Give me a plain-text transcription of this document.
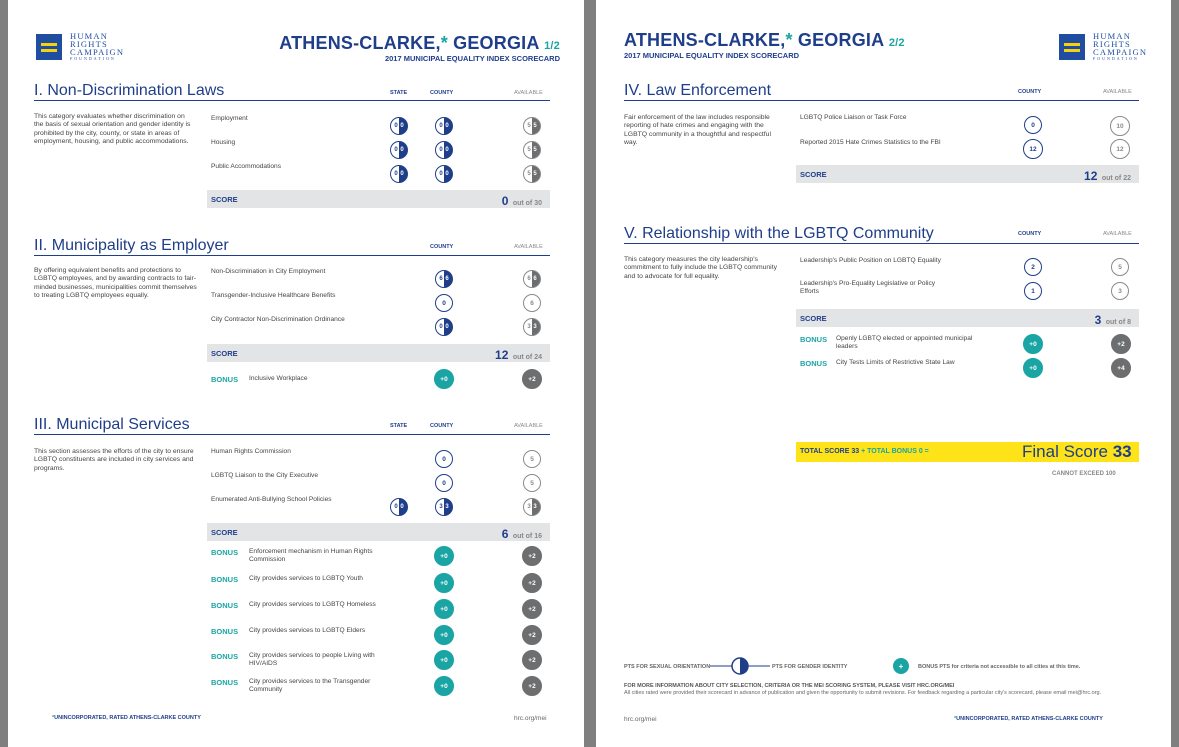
HUMAN
RIGHTS
CAMPAIGN
FOUNDATION
ATHENS-CLARKE,* GEORGIA 1/2
2017 MUNICIPAL EQUALITY INDEX SCORECARD
I. Non-Discrimination Laws	STATE	COUNTY	AVAILABLE
This category evaluates whether discrimination on the basis of sexual orientation and gender identity is prohibited by the city, county, or state in areas of employment, housing, and public accommodations.
Employment
0 0	0 0	5 5
Housing
0 0	0 0	5 5
Public Accommodations
0 0	0 0	5 5
SCORE	0 out of 30
II. Municipality as Employer	COUNTY	AVAILABLE
By offering equivalent benefits and protections to LGBTQ employees, and by awarding contracts to fair-minded businesses, municipalities commit themselves to treating LGBTQ employees equally.
Non-Discrimination in City Employment
6 6	6 6
Transgender-Inclusive Healthcare Benefits
0	6
City Contractor Non-Discrimination Ordinance
0 0	3 3
SCORE	12 out of 24
BONUS Inclusive Workplace	+0	+2
III. Municipal Services	STATE	COUNTY	AVAILABLE
This section assesses the efforts of the city to ensure LGBTQ constituents are included in city services and programs.
Human Rights Commission
0	5
LGBTQ Liaison to the City Executive
0	5
Enumerated Anti-Bullying School Policies
0 0	3 3	3 3
SCORE	6 out of 16
BONUS Enforcement mechanism in Human Rights Commission	+0	+2
BONUS City provides services to LGBTQ Youth
+0	+2
BONUS City provides services to LGBTQ Homeless
+0	+2
BONUS City provides services to LGBTQ Elders
+0	+2
BONUS City provides services to people Living with HIV/AIDS	+0	+2
BONUS City provides services to the Transgender Community	+0	+2
*UNINCORPORATED, RATED ATHENS-CLARKE COUNTY	hrc.org/mei
ATHENS-CLARKE,* GEORGIA 2/2
2017 MUNICIPAL EQUALITY INDEX SCORECARD
HUMAN
RIGHTS
CAMPAIGN
FOUNDATION
IV. Law Enforcement	COUNTY	AVAILABLE
Fair enforcement of the law includes responsible reporting of hate crimes and engaging with the LGBTQ community in a thoughtful and respectful way.
LGBTQ Police Liaison or Task Force
0	10
Reported 2015 Hate Crimes Statistics to the FBI
12	12
SCORE	12 out of 22
V. Relationship with the LGBTQ Community	COUNTY	AVAILABLE
This category measures the city leadership's commitment to fully include the LGBTQ community and to advocate for full equality.
Leadership's Public Position on LGBTQ Equality
2	5
Leadership's Pro-Equality Legislative or Policy Efforts	1	3
SCORE	3 out of 8
BONUS Openly LGBTQ elected or appointed municipal leaders	+0	+2
BONUS City Tests Limits of Restrictive State Law
+0	+4
TOTAL SCORE 33 + TOTAL BONUS 0 =	Final Score 33
CANNOT EXCEED 100
PTS FOR SEXUAL ORIENTATION	PTS FOR GENDER IDENTITY	+	BONUS PTS for criteria not accessible to all cities at this time.
FOR MORE INFORMATION ABOUT CITY SELECTION, CRITERIA OR THE MEI SCORING SYSTEM, PLEASE VISIT HRC.ORG/MEI
All cities rated were provided their scorecard in advance of publication and given the opportunity to submit revisions. For feedback regarding a particular city's scorecard, please email mei@hrc.org.
hrc.org/mei	*UNINCORPORATED, RATED ATHENS-CLARKE COUNTY
